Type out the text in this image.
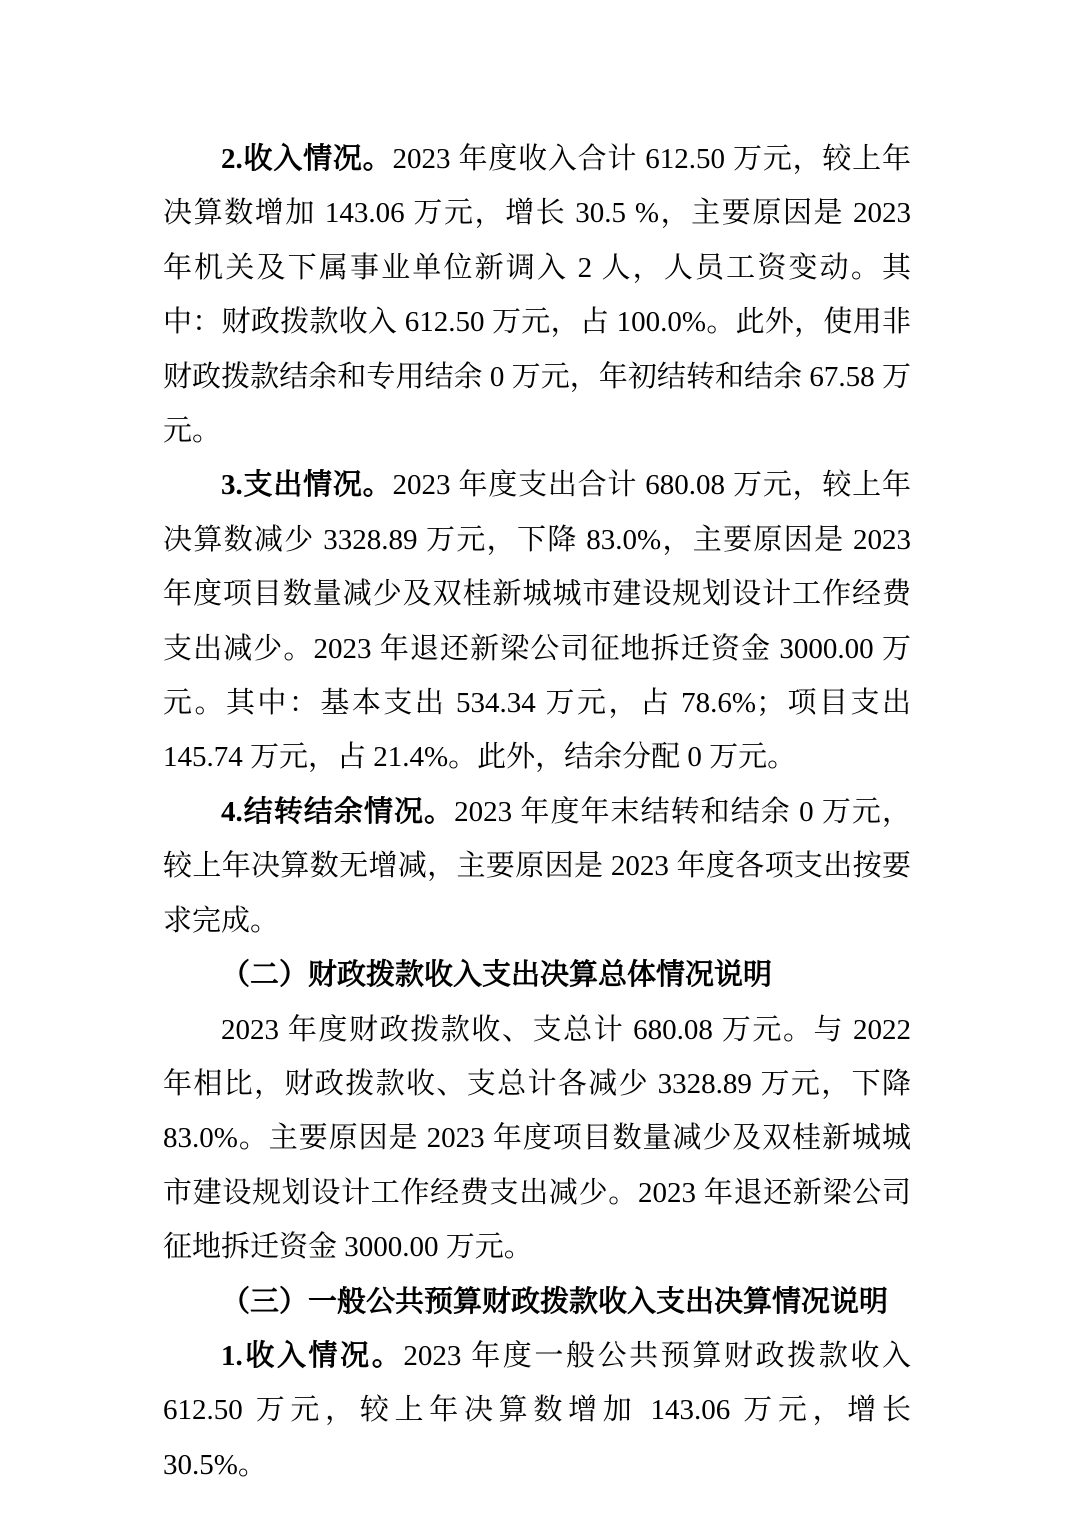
2.收入情况。2023 年度收入合计 612.50 万元，较上年决算数增加 143.06 万元，增长 30.5 %，主要原因是 2023 年机关及下属事业单位新调入 2 人，人员工资变动。其中：财政拨款收入 612.50 万元，占 100.0%。此外，使用非财政拨款结余和专用结余 0 万元，年初结转和结余 67.58 万元。

3.支出情况。2023 年度支出合计 680.08 万元，较上年决算数减少 3328.89 万元，下降 83.0%，主要原因是 2023 年度项目数量减少及双桂新城城市建设规划设计工作经费支出减少。2023 年退还新梁公司征地拆迁资金 3000.00 万元。其中：基本支出 534.34 万元，占 78.6%；项目支出 145.74 万元，占 21.4%。此外，结余分配 0 万元。

4.结转结余情况。2023 年度年末结转和结余 0 万元，较上年决算数无增减，主要原因是 2023 年度各项支出按要求完成。

（二）财政拨款收入支出决算总体情况说明

2023 年度财政拨款收、支总计 680.08 万元。与 2022 年相比，财政拨款收、支总计各减少 3328.89 万元，下降 83.0%。主要原因是 2023 年度项目数量减少及双桂新城城市建设规划设计工作经费支出减少。2023 年退还新梁公司征地拆迁资金 3000.00 万元。

（三）一般公共预算财政拨款收入支出决算情况说明

1.收入情况。2023 年度一般公共预算财政拨款收入 612.50 万元，较上年决算数增加 143.06 万元，增长 30.5%。
